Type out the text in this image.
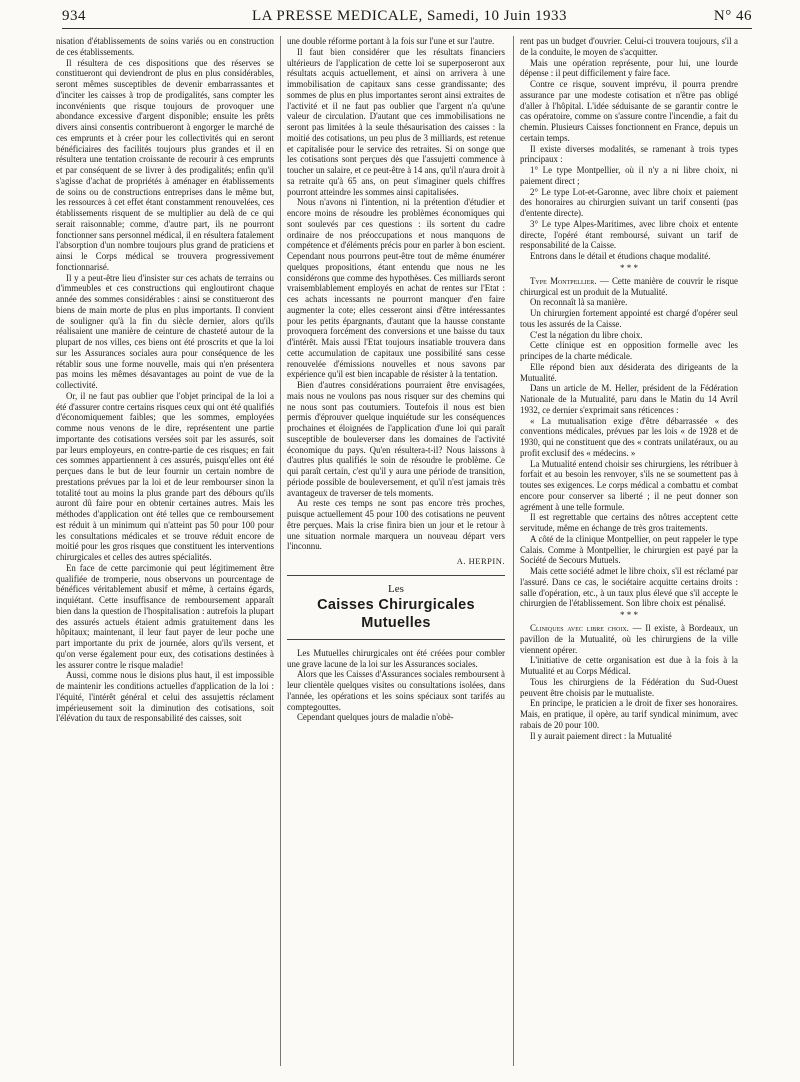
934	LA PRESSE MEDICALE, Samedi, 10 Juin 1933	N° 46

nisation d'établissements de soins variés ou en construction de ces établissements.

Il résultera de ces dispositions que des réserves se constitueront qui deviendront de plus en plus considérables, seront mêmes susceptibles de devenir embarrassantes et d'inciter les caisses à trop de prodigalités, sans compter les inconvénients que risque toujours de provoquer une abondance excessive d'argent disponible; ensuite les prêts divers ainsi consentis contribueront à engorger le marché de ces emprunts et à créer pour les collectivités qui en seront bénéficiaires des facilités toujours plus grandes et il en résultera une tentation croissante de recourir à ces emprunts et par conséquent de se livrer à des prodigalités; enfin qu'il s'agisse d'achat de propriétés à aménager en établissements de soins ou de constructions entreprises dans le même but, les ressources à cet effet étant constamment renouvelées, ces établissements risquent de se multiplier au delà de ce qui serait raisonnable; comme, d'autre part, ils ne pourront fonctionner sans personnel médical, il en résultera fatalement l'absorption d'un nombre toujours plus grand de praticiens et ainsi le Corps médical se trouvera progressivement fonctionnarisé.

Il y a peut-être lieu d'insister sur ces achats de terrains ou d'immeubles et ces constructions qui engloutiront chaque année des sommes considérables : ainsi se constitueront des biens de main morte de plus en plus importants. Il convient de souligner qu'à la fin du siècle dernier, alors qu'ils réalisaient une manière de ceinture de chasteté autour de la plupart de nos villes, ces biens ont été proscrits et que la loi sur les Assurances sociales aura pour conséquence de les rétablir sous une forme nouvelle, mais qui n'en présentera pas moins les mêmes désavantages au point de vue de la collectivité.

Or, il ne faut pas oublier que l'objet principal de la loi a été d'assurer contre certains risques ceux qui ont été qualifiés d'économiquement faibles; que les sommes, employées comme nous venons de le dire, représentent une partie importante des cotisations versées soit par les assurés, soit par leurs employeurs, en contre-partie de ces risques; en fait ces sommes appartiennent à ces assurés, puisqu'elles ont été perçues dans le but de leur fournir un certain nombre de prestations prévues par la loi et de leur rembourser sinon la totalité tout au moins la plus grande part des débours qu'ils auront dû faire pour en obtenir certaines autres. Mais les méthodes d'application ont été telles que ce remboursement est réduit à un minimum qui n'atteint pas 50 pour 100 pour les consultations médicales et se trouve réduit encore de moitié pour les gros risques que constituent les interventions chirurgicales et celles des autres spécialités.

En face de cette parcimonie qui peut légitimement être qualifiée de tromperie, nous observons un pourcentage de bénéfices véritablement abusif et même, à certains égards, inquiétant. Cette insuffisance de remboursement apparaît bien dans la question de l'hospitalisation : autrefois la plupart des assurés actuels étaient admis gratuitement dans les hôpitaux; maintenant, il leur faut payer de leur poche une part importante du prix de journée, alors qu'ils versent, et qu'on verse également pour eux, des cotisations destinées à les assurer contre le risque maladie!

Aussi, comme nous le disions plus haut, il est impossible de maintenir les conditions actuelles d'application de la loi : l'équité, l'intérêt général et celui des assujettis réclament impérieusement soit la diminution des cotisations, soit l'élévation du taux de responsabilité des caisses, soit

une double réforme portant à la fois sur l'une et sur l'autre.

Il faut bien considérer que les résultats financiers ultérieurs de l'application de cette loi se superposeront aux résultats acquis actuellement, et ainsi on arrivera à une immobilisation de capitaux sans cesse grandissante; des sommes de plus en plus importantes seront ainsi extraites de l'activité et il ne faut pas oublier que l'argent n'a qu'une valeur de circulation. D'autant que ces immobilisations ne seront pas limitées à la seule thésaurisation des caisses : la moitié des cotisations, un peu plus de 3 milliards, est retenue et capitalisée pour le service des retraites. Si on songe que les cotisations sont perçues dès que l'assujetti commence à toucher un salaire, et ce peut-être à 14 ans, qu'il n'aura droit à sa retraite qu'à 65 ans, on peut s'imaginer quels chiffres pourront atteindre les sommes ainsi capitalisées.

Nous n'avons ni l'intention, ni la prétention d'étudier et encore moins de résoudre les problèmes économiques qui sont soulevés par ces questions : ils sortent du cadre ordinaire de nos préoccupations et nous manquons de compétence et d'éléments précis pour en parler à bon escient. Cependant nous pourrons peut-être tout de même énumérer quelques propositions, étant entendu que nous ne les considérons que comme des hypothèses. Ces milliards seront vraisemblablement employés en achat de rentes sur l'Etat : ces achats incessants ne pourront manquer d'en faire augmenter la cote; elles cesseront ainsi d'être intéressantes pour les petits épargnants, d'autant que la hausse constante provoquera forcément des conversions et une baisse du taux d'intérêt. Mais aussi l'Etat toujours insatiable trouvera dans cette accumulation de capitaux une possibilité sans cesse renouvelée d'émissions nouvelles et nous savons par expérience qu'il est bien incapable de résister à la tentation.

Bien d'autres considérations pourraient être envisagées, mais nous ne voulons pas nous risquer sur des chemins qui ne nous sont pas coutumiers. Toutefois il nous est bien permis d'éprouver quelque inquiétude sur les conséquences prochaines et éloignées de l'application d'une loi qui paraît susceptible de bouleverser dans les domaines de l'activité économique du pays. Qu'en résultera-t-il? Nous laissons à d'autres plus qualifiés le soin de résoudre le problème. Ce qui paraît certain, c'est qu'il y aura une période de transition, période possible de bouleversement, et qu'il n'est jamais très avantageux de traverser de tels moments.

Au reste ces temps ne sont pas encore très proches, puisque actuellement 45 pour 100 des cotisations ne peuvent être perçues. Mais la crise finira bien un jour et le retour à une situation normale marquera un nouveau départ vers l'inconnu.

A. HERPIN.
Les
Caisses Chirurgicales Mutuelles

Les Mutuelles chirurgicales ont été créées pour combler une grave lacune de la loi sur les Assurances sociales.

Alors que les Caisses d'Assurances sociales remboursent à leur clientèle quelques visites ou consultations isolées, dans l'année, les opérations et les soins spéciaux sont tarifés au comptegouttes.

Cependant quelques jours de maladie n'obè-

rent pas un budget d'ouvrier. Celui-ci trouvera toujours, s'il a de la conduite, le moyen de s'acquitter.

Mais une opération représente, pour lui, une lourde dépense : il peut difficilement y faire face.

Contre ce risque, souvent imprévu, il pourra prendre assurance par une modeste cotisation et n'être pas obligé d'aller à l'hôpital. L'idée séduisante de se garantir contre le cas opératoire, comme on s'assure contre l'incendie, a fait du chemin. Plusieurs Caisses fonctionnent en France, depuis un certain temps.

Il existe diverses modalités, se ramenant à trois types principaux :

1° Le type Montpellier, où il n'y a ni libre choix, ni paiement direct ;

2° Le type Lot-et-Garonne, avec libre choix et paiement des honoraires au chirurgien suivant un tarif consenti (pas d'entente directe).

3° Le type Alpes-Maritimes, avec libre choix et entente directe, l'opéré étant remboursé, suivant un tarif de responsabilité de la Caisse.

Entrons dans le détail et étudions chaque modalité.

* * *

Type Montpellier. — Cette manière de couvrir le risque chirurgical est un produit de la Mutualité.

On reconnaît là sa manière.

Un chirurgien fortement appointé est chargé d'opérer seul tous les assurés de la Caisse.

C'est la négation du libre choix.

Cette clinique est en opposition formelle avec les principes de la charte médicale.

Elle répond bien aux désiderata des dirigeants de la Mutualité.

Dans un article de M. Heller, président de la Fédération Nationale de la Mutualité, paru dans le Matin du 14 Avril 1932, ce dernier s'exprimait sans réticences :

« La mutualisation exige d'être débarrassée « des conventions médicales, prévues par les lois « de 1928 et de 1930, qui ne constituent que des « contrats unilatéraux, ou au profit exclusif des « médecins. »

La Mutualité entend choisir ses chirurgiens, les rétribuer à forfait et au besoin les renvoyer, s'ils ne se soumettent pas à toutes ses exigences. Le corps médical a combattu et combat encore pour conserver sa liberté ; il ne peut donner son agrément à une telle formule.

Il est regrettable que certains des nôtres acceptent cette servitude, même en échange de très gros traitements.

A côté de la clinique Montpellier, on peut rappeler le type Calais. Comme à Montpellier, le chirurgien est payé par la Société de Secours Mutuels.

Mais cette société admet le libre choix, s'il est réclamé par l'assuré. Dans ce cas, le sociétaire acquitte certains droits : salle d'opération, etc., à un taux plus élevé que s'il accepte le chirurgien de l'établissement. Son libre choix est pénalisé.

* * *

Cliniques avec libre choix. — Il existe, à Bordeaux, un pavillon de la Mutualité, où les chirurgiens de la ville viennent opérer.

L'initiative de cette organisation est due à la fois à la Mutualité et au Corps Médical.

Tous les chirurgiens de la Fédération du Sud-Ouest peuvent être choisis par le mutualiste.

En principe, le praticien a le droit de fixer ses honoraires. Mais, en pratique, il opère, au tarif syndical minimum, avec rabais de 20 pour 100.

Il y aurait paiement direct : la Mutualité
